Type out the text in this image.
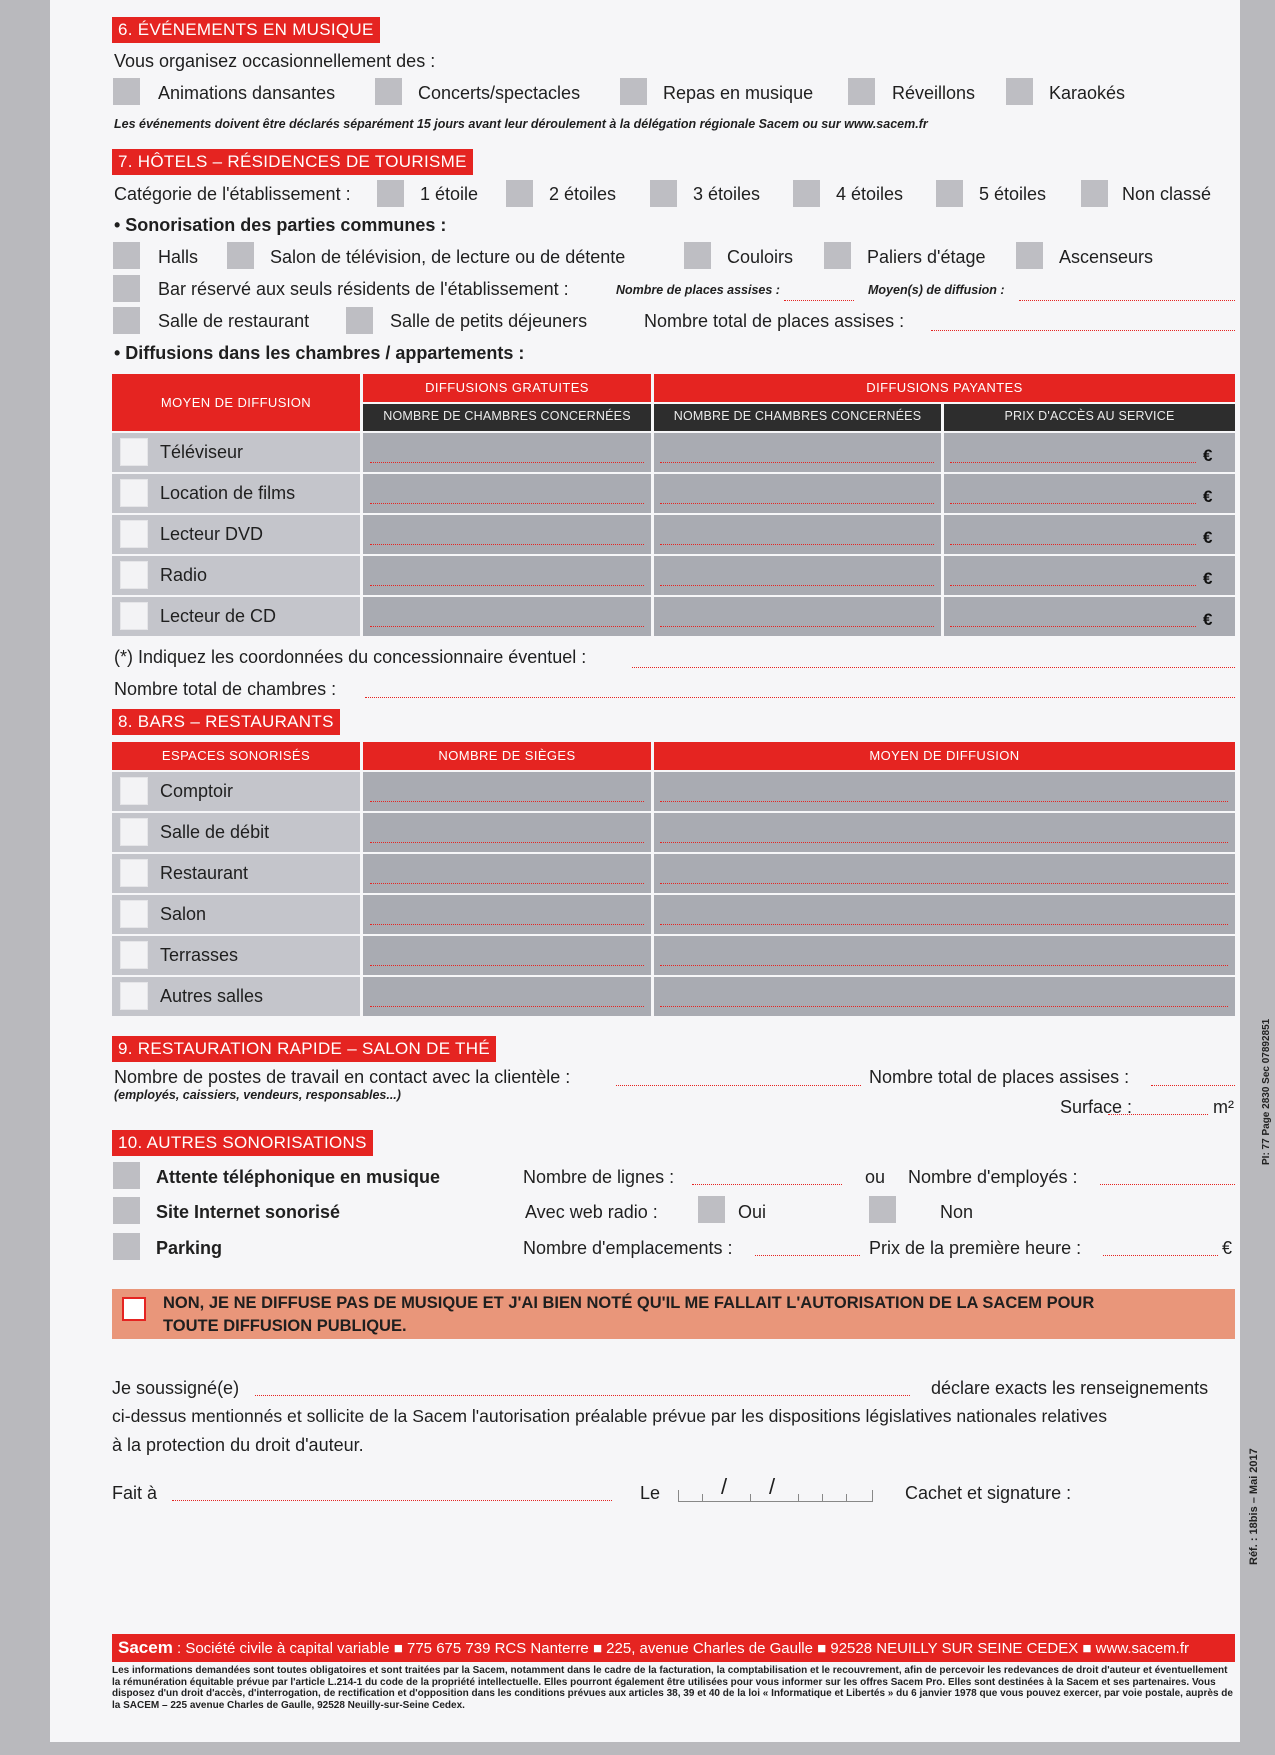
6. ÉVÉNEMENTS EN MUSIQUE
Vous organisez occasionnellement des :
Animations dansantes	Concerts/spectacles	Repas en musique	Réveillons	Karaokés
Les événements doivent être déclarés séparément 15 jours avant leur déroulement à la délégation régionale Sacem ou sur www.sacem.fr
7. HÔTELS – RÉSIDENCES DE TOURISME
Catégorie de l'établissement :	1 étoile	2 étoiles	3 étoiles	4 étoiles	5 étoiles	Non classé
• Sonorisation des parties communes :
Halls	Salon de télévision, de lecture ou de détente	Couloirs	Paliers d'étage	Ascenseurs
Bar réservé aux seuls résidents de l'établissement :	Nombre de places assises :	Moyen(s) de diffusion :
Salle de restaurant	Salle de petits déjeuners	Nombre total de places assises :
• Diffusions dans les chambres / appartements :
MOYEN DE DIFFUSION
DIFFUSIONS GRATUITES	DIFFUSIONS PAYANTES
NOMBRE DE CHAMBRES CONCERNÉES	NOMBRE DE CHAMBRES CONCERNÉES	PRIX D'ACCÈS AU SERVICE
Téléviseur	€
Location de films	€
Lecteur DVD	€
Radio	€
Lecteur de CD	€
(*) Indiquez les coordonnées du concessionnaire éventuel :
Nombre total de chambres :
8. BARS – RESTAURANTS
ESPACES SONORISÉS	NOMBRE DE SIÈGES	MOYEN DE DIFFUSION
Comptoir
Salle de débit
Restaurant
Salon
Terrasses
Autres salles
9. RESTAURATION RAPIDE – SALON DE THÉ
Nombre de postes de travail en contact avec la clientèle :
(employés, caissiers, vendeurs, responsables...)
Nombre total de places assises :
Surface :	m²
10. AUTRES SONORISATIONS
Attente téléphonique en musique	Nombre de lignes :	ou Nombre d'employés :
Site Internet sonorisé	Avec web radio :	Oui	Non
Parking	Nombre d'emplacements :	Prix de la première heure :	€
NON, JE NE DIFFUSE PAS DE MUSIQUE ET J'AI BIEN NOTÉ QU'IL ME FALLAIT L'AUTORISATION DE LA SACEM POUR
TOUTE DIFFUSION PUBLIQUE.
Je soussigné(e)	déclare exacts les renseignements
ci-dessus mentionnés et sollicite de la Sacem l'autorisation préalable prévue par les dispositions législatives nationales relatives
à la protection du droit d'auteur.
Fait à	Le	/ /	Cachet et signature :
Sacem : Société civile à capital variable ■ 775 675 739 RCS Nanterre ■ 225, avenue Charles de Gaulle ■ 92528 NEUILLY SUR SEINE CEDEX ■ www.sacem.fr
Les informations demandées sont toutes obligatoires et sont traitées par la Sacem, notamment dans le cadre de la facturation, la comptabilisation et le recouvrement, afin de percevoir les redevances de droit d'auteur et éventuellement la rémunération équitable prévue par l'article L.214-1 du code de la propriété intellectuelle. Elles pourront également être utilisées pour vous informer sur les offres Sacem Pro. Elles sont destinées à la Sacem et ses partenaires. Vous disposez d'un droit d'accès, d'interrogation, de rectification et d'opposition dans les conditions prévues aux articles 38, 39 et 40 de la loi « Informatique et Libertés » du 6 janvier 1978 que vous pouvez exercer, par voie postale, auprès de la SACEM – 225 avenue Charles de Gaulle, 92528 Neuilly-sur-Seine Cedex.
Réf. : 18bis – Mai 2017
PI: 77 Page 2830 Sec 07892851
